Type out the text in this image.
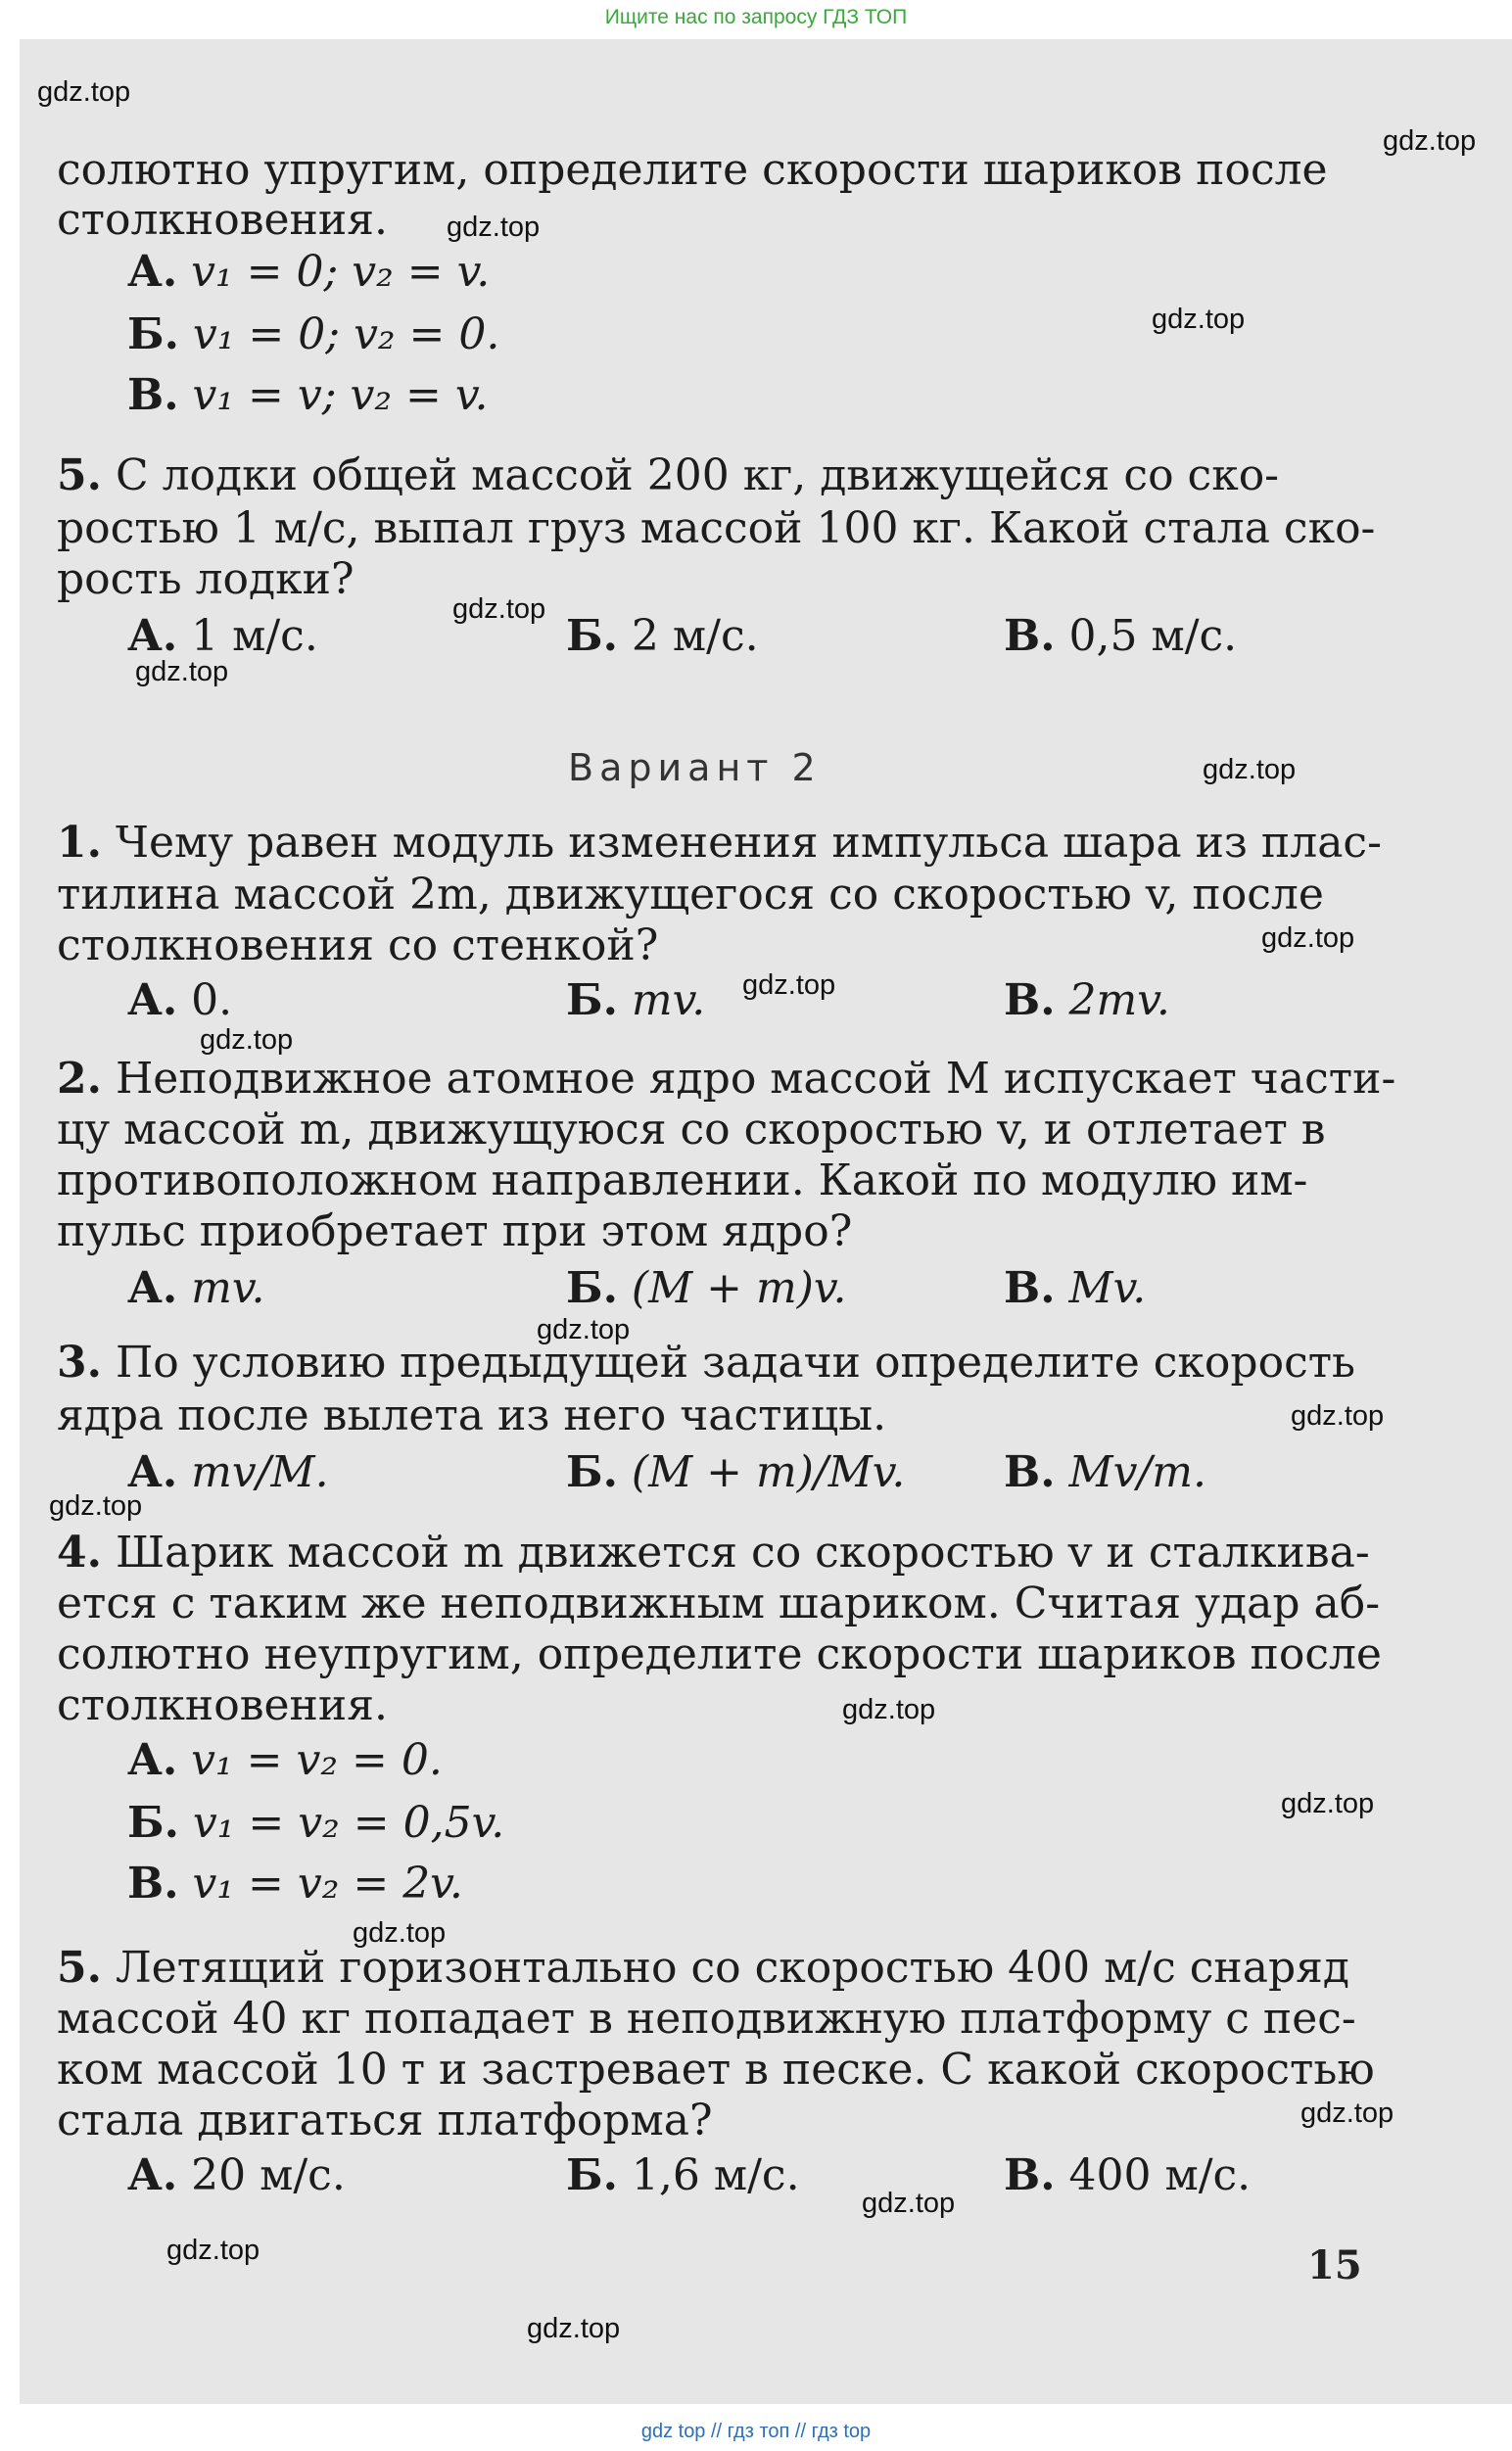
Ищите нас по запросу ГДЗ ТОП
солютно упругим, определите скорости шариков после
столкновения.
А. v₁ = 0; v₂ = v.
Б. v₁ = 0; v₂ = 0.
В. v₁ = v; v₂ = v.
5. С лодки общей массой 200 кг, движущейся со ско-
ростью 1 м/с, выпал груз массой 100 кг. Какой стала ско-
рость лодки?
А. 1 м/с.	Б. 2 м/с.	В. 0,5 м/с.
Вариант 2
1. Чему равен модуль изменения импульса шара из плас-
тилина массой 2m, движущегося со скоростью v, после
столкновения со стенкой?
А. 0.	Б. mv.	В. 2mv.
2. Неподвижное атомное ядро массой M испускает части-
цу массой m, движущуюся со скоростью v, и отлетает в
противоположном направлении. Какой по модулю им-
пульс приобретает при этом ядро?
А. mv.	Б. (M + m)v.	В. Mv.
3. По условию предыдущей задачи определите скорость
ядра после вылета из него частицы.
А. mv/M.	Б. (M + m)/Mv. В. Mv/m.
4. Шарик массой m движется со скоростью v и сталкива-
ется с таким же неподвижным шариком. Считая удар аб-
солютно неупругим, определите скорости шариков после
столкновения.
А. v₁ = v₂ = 0.
Б. v₁ = v₂ = 0,5v.
В. v₁ = v₂ = 2v.
5. Летящий горизонтально со скоростью 400 м/с снаряд
массой 40 кг попадает в неподвижную платформу с пес-
ком массой 10 т и застревает в песке. С какой скоростью
стала двигаться платформа?
А. 20 м/с.	Б. 1,6 м/с.	В. 400 м/с.
15
gdz.top
gdz.top
gdz.top
gdz.top
gdz.top
gdz.top
gdz.top
gdz.top
gdz.top
gdz.top
gdz.top
gdz.top
gdz.top
gdz.top
gdz.top
gdz.top
gdz.top
gdz.top
gdz.top
gdz.top
gdz top // гдз топ // гдз top
